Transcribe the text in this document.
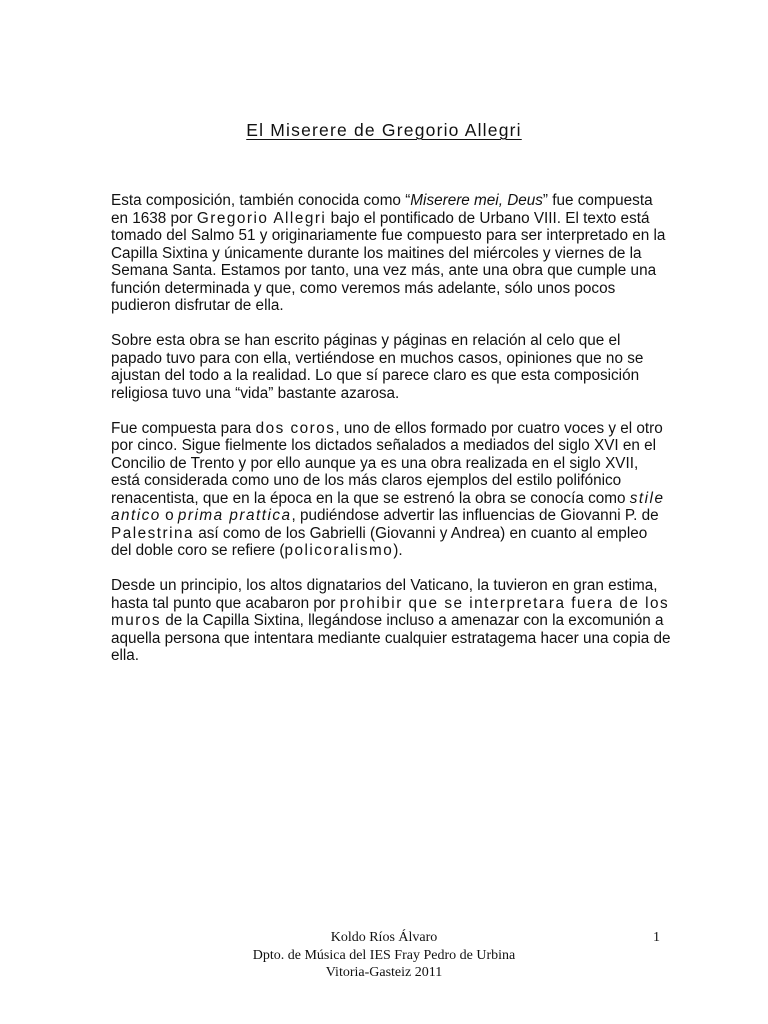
El Miserere de Gregorio Allegri

Esta composición, también conocida como “Miserere mei, Deus” fue compuesta en 1638 por Gregorio Allegri bajo el pontificado de Urbano VIII. El texto está tomado del Salmo 51 y originariamente fue compuesto para ser interpretado en la Capilla Sixtina y únicamente durante los maitines del miércoles y viernes de la Semana Santa. Estamos por tanto, una vez más, ante una obra que cumple una función determinada y que, como veremos más adelante, sólo unos pocos pudieron disfrutar de ella.

Sobre esta obra se han escrito páginas y páginas en relación al celo que el papado tuvo para con ella, vertiéndose en muchos casos, opiniones que no se ajustan del todo a la realidad. Lo que sí parece claro es que esta composición religiosa tuvo una “vida” bastante azarosa.

Fue compuesta para dos coros, uno de ellos formado por cuatro voces y el otro por cinco. Sigue fielmente los dictados señalados a mediados del siglo XVI en el Concilio de Trento y por ello aunque ya es una obra realizada en el siglo XVII, está considerada como uno de los más claros ejemplos del estilo polifónico renacentista, que en la época en la que se estrenó la obra se conocía como stile antico o prima prattica, pudiéndose advertir las influencias de Giovanni P. de Palestrina así como de los Gabrielli (Giovanni y Andrea) en cuanto al empleo del doble coro se refiere (policoralismo).

Desde un principio, los altos dignatarios del Vaticano, la tuvieron en gran estima, hasta tal punto que acabaron por prohibir que se interpretara fuera de los muros de la Capilla Sixtina, llegándose incluso a amenazar con la excomunión a aquella persona que intentara mediante cualquier estratagema hacer una copia de ella.

Koldo Ríos Álvaro
Dpto. de Música del IES Fray Pedro de Urbina
Vitoria-Gasteiz 2011
1
